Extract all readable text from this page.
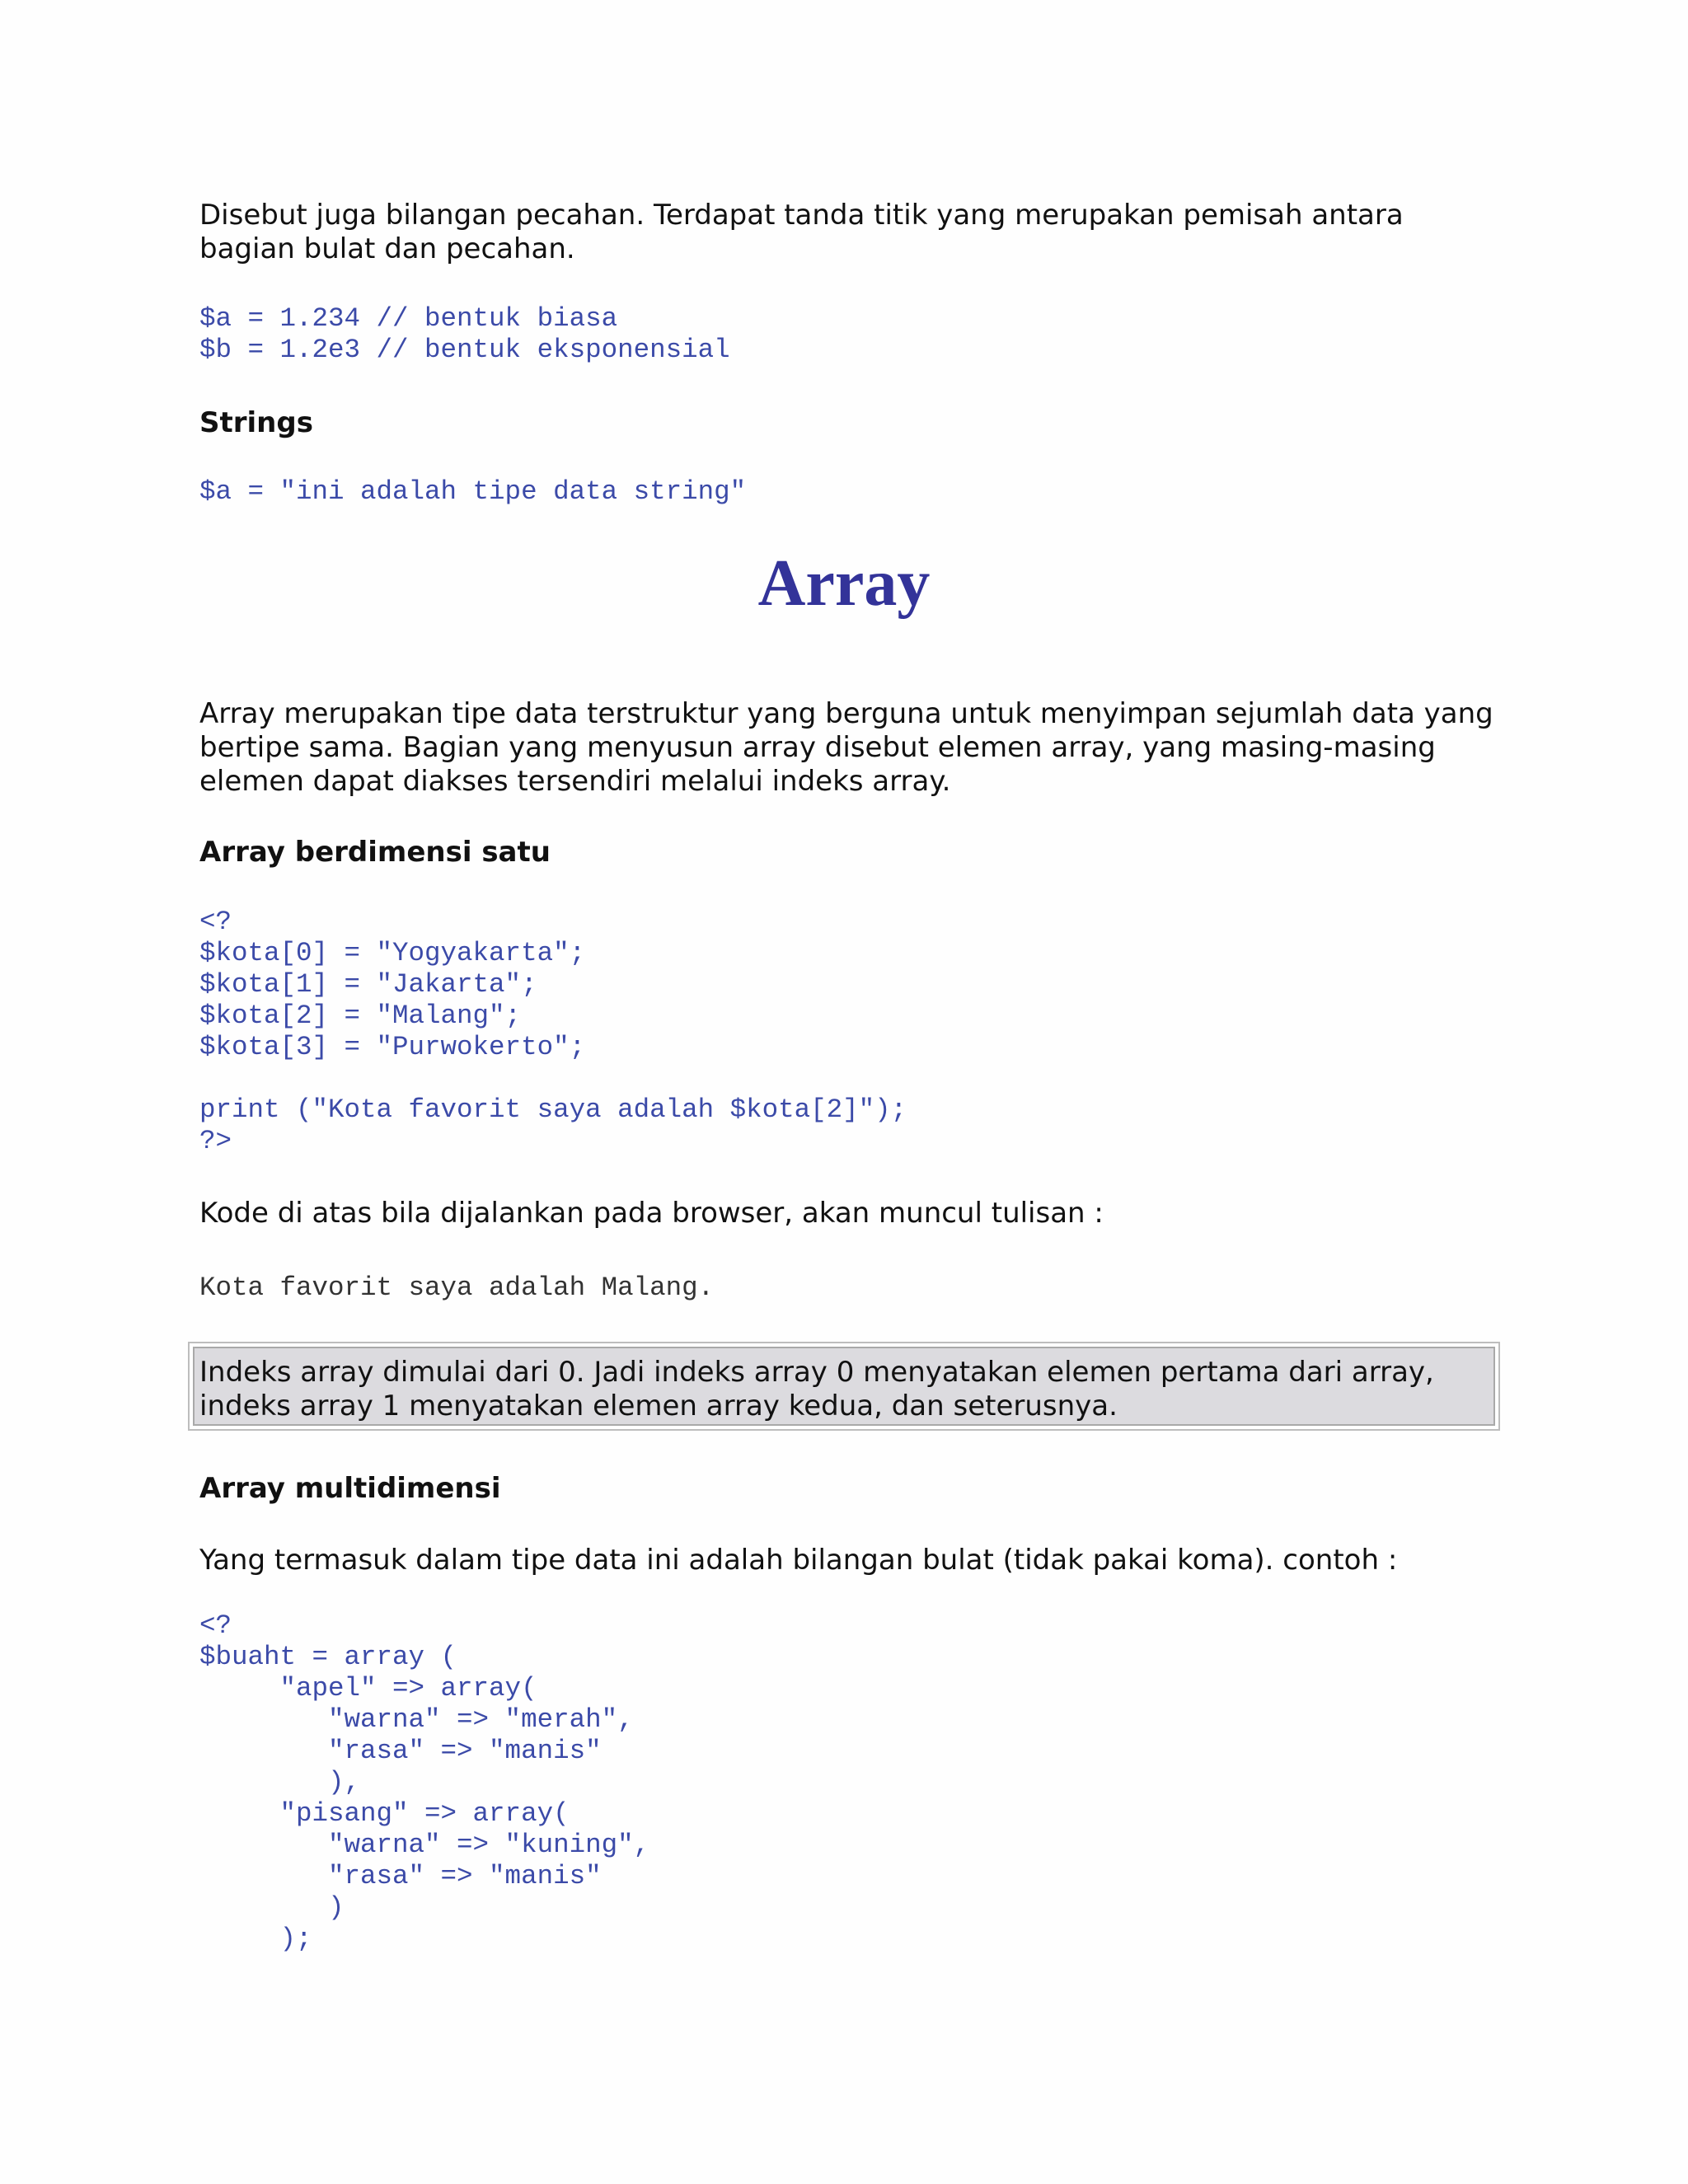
Disebut juga bilangan pecahan. Terdapat tanda titik yang merupakan pemisah antara
bagian bulat dan pecahan.

$a = 1.234 // bentuk biasa
$b = 1.2e3 // bentuk eksponensial
Strings
$a = "ini adalah tipe data string"
Array

Array merupakan tipe data terstruktur yang berguna untuk menyimpan sejumlah data yang
bertipe sama. Bagian yang menyusun array disebut elemen array, yang masing-masing
elemen dapat diakses tersendiri melalui indeks array.

Array berdimensi satu
<?
$kota[0] = "Yogyakarta";
$kota[1] = "Jakarta";
$kota[2] = "Malang";
$kota[3] = "Purwokerto";
print ("Kota favorit saya adalah $kota[2]");
?>

Kode di atas bila dijalankan pada browser, akan muncul tulisan :

Kota favorit saya adalah Malang.
Indeks array dimulai dari 0. Jadi indeks array 0 menyatakan elemen pertama dari array,
indeks array 1 menyatakan elemen array kedua, dan seterusnya.
Array multidimensi

Yang termasuk dalam tipe data ini adalah bilangan bulat (tidak pakai koma). contoh :

<?
$buaht = array (
"apel" => array(
"warna" => "merah",
"rasa" => "manis"
),
"pisang" => array(
"warna" => "kuning",
"rasa" => "manis"
)
);
